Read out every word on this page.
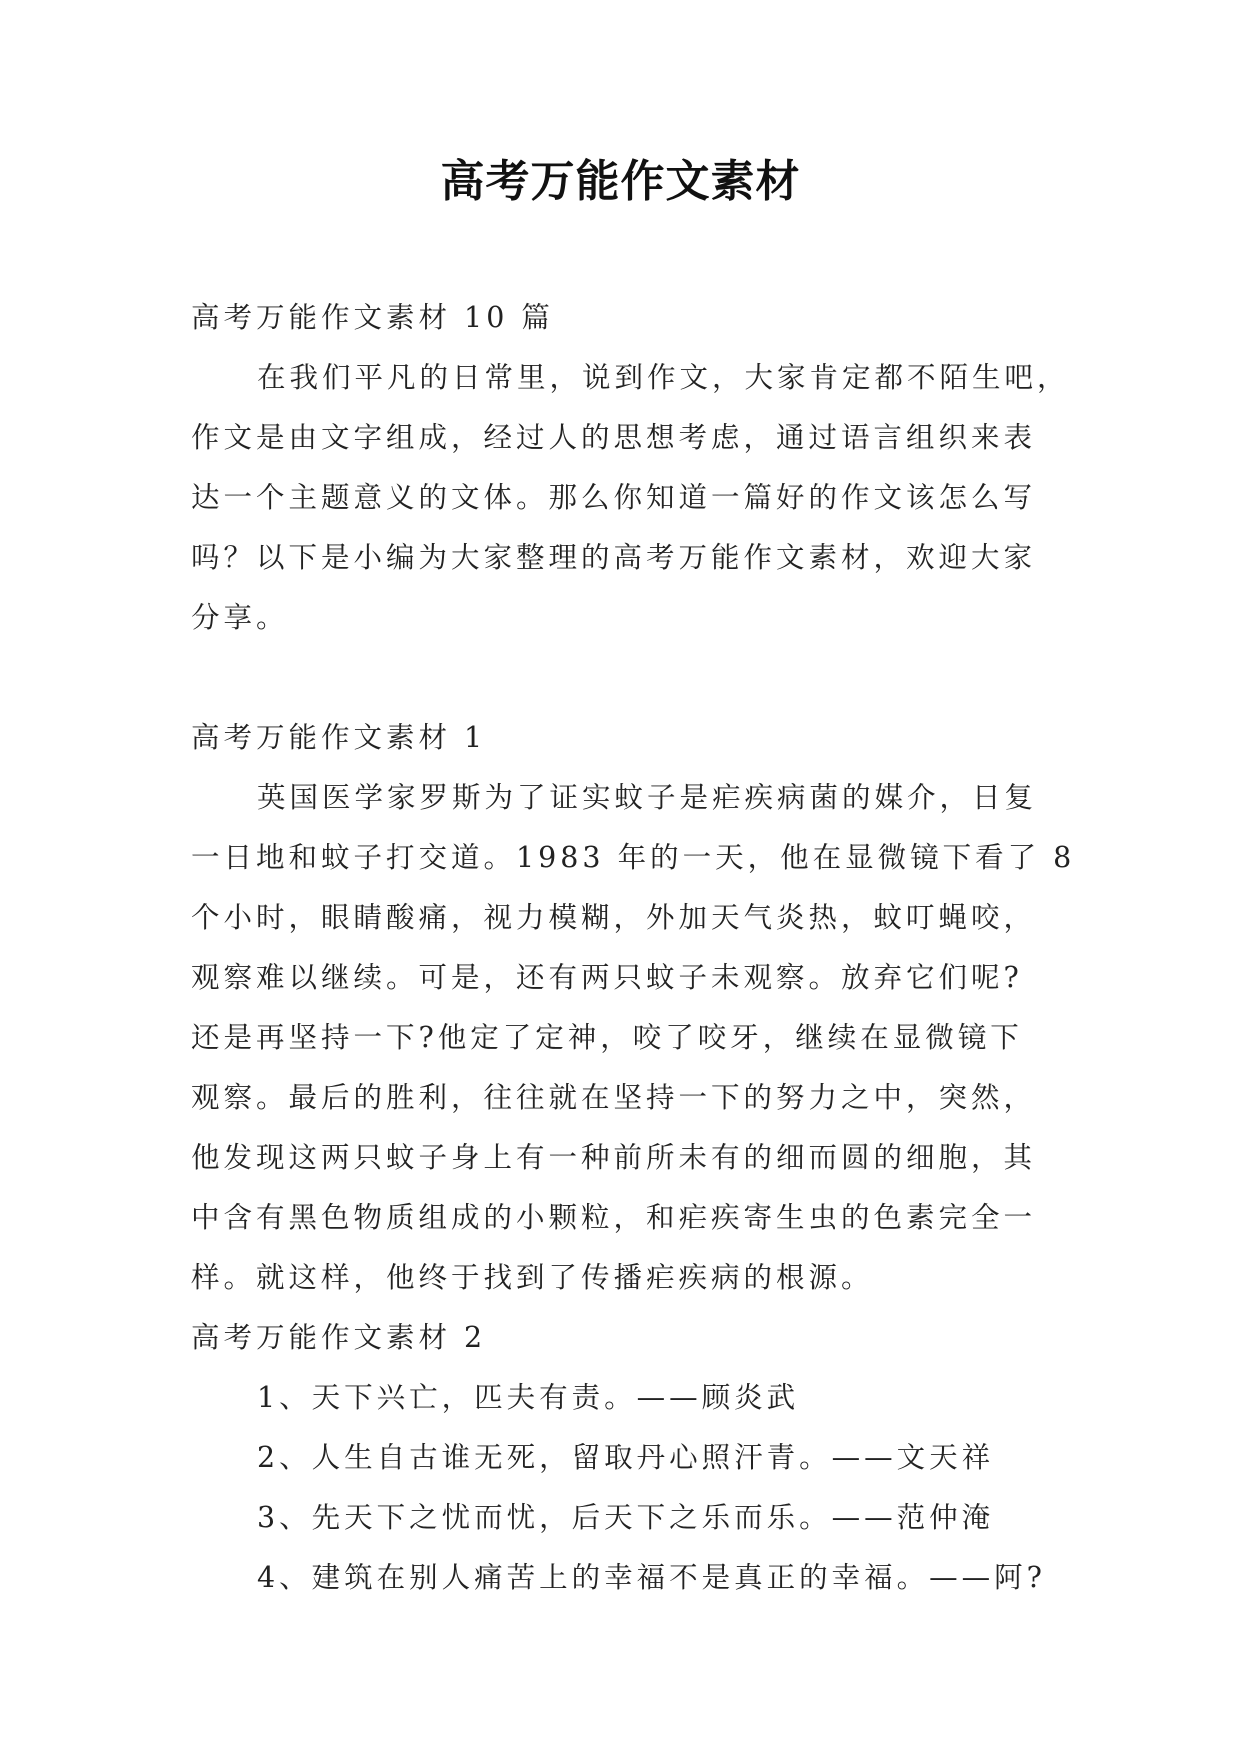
高考万能作文素材
高考万能作文素材 10 篇
在我们平凡的日常里，说到作文，大家肯定都不陌生吧，
作文是由文字组成，经过人的思想考虑，通过语言组织来表
达一个主题意义的文体。那么你知道一篇好的作文该怎么写
吗？以下是小编为大家整理的高考万能作文素材，欢迎大家
分享。
高考万能作文素材 1
英国医学家罗斯为了证实蚊子是疟疾病菌的媒介，日复
一日地和蚊子打交道。1983 年的一天，他在显微镜下看了 8
个小时，眼睛酸痛，视力模糊，外加天气炎热，蚊叮蝇咬，
观察难以继续。可是，还有两只蚊子未观察。放弃它们呢?
还是再坚持一下?他定了定神，咬了咬牙，继续在显微镜下
观察。最后的胜利，往往就在坚持一下的努力之中，突然，
他发现这两只蚊子身上有一种前所未有的细而圆的细胞，其
中含有黑色物质组成的小颗粒，和疟疾寄生虫的色素完全一
样。就这样，他终于找到了传播疟疾病的根源。
高考万能作文素材 2
1、天下兴亡，匹夫有责。——顾炎武
2、人生自古谁无死，留取丹心照汗青。——文天祥
3、先天下之忧而忧，后天下之乐而乐。——范仲淹
4、建筑在别人痛苦上的幸福不是真正的幸福。——阿?
